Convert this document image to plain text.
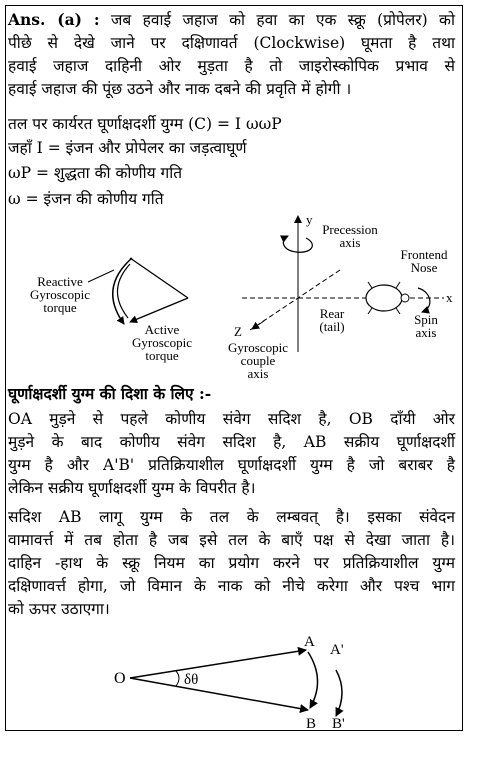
Ans. (a) : जब हवाई जहाज को हवा का एक स्क्रू (प्रोपेलर) को
पीछे से देखे जाने पर दक्षिणावर्त (Clockwise) घूमता है तथा
हवाई जहाज दाहिनी ओर मुड़ता है तो जाइरोस्कोपिक प्रभाव से
हवाई जहाज की पूंछ उठने और नाक दबने की प्रवृति में होगी ।
तल पर कार्यरत घूर्णाक्षदर्शी युग्म (C) = I ωωP
जहाँ I = इंजन और प्रोपेलर का जड़त्वाघूर्ण
ωP = शुद्धता की कोणीय गति
ω = इंजन की कोणीय गति
Reactive
Gyroscopic
torque
Active
Gyroscopic
torque
y
x
Z
Precession
axis
Frontend
Nose
Spin
axis
Rear
(tail)
Gyroscopic
couple
axis
घूर्णाक्षदर्शी युग्म की दिशा के लिए :-
OA मुड़ने से पहले कोणीय संवेग सदिश है, OB दाँयी ओर
मुड़ने के बाद कोणीय संवेग सदिश है, AB सक्रीय घूर्णाक्षदर्शी
युग्म है और A'B' प्रतिक्रियाशील घूर्णाक्षदर्शी युग्म है जो बराबर है
लेकिन सक्रीय घूर्णाक्षदर्शी युग्म के विपरीत है।
सदिश AB लागू युग्म के तल के लम्बवत् है। इसका संवेदन
वामावर्त्त में तब होता है जब इसे तल के बाएँ पक्ष से देखा जाता है।
दाहिन -हाथ के स्क्रू नियम का प्रयोग करने पर प्रतिक्रियाशील युग्म
दक्षिणावर्त्त होगा, जो विमान के नाक को नीचे करेगा और पश्च भाग
को ऊपर उठाएगा।
O	δθ
A A'
B B'
